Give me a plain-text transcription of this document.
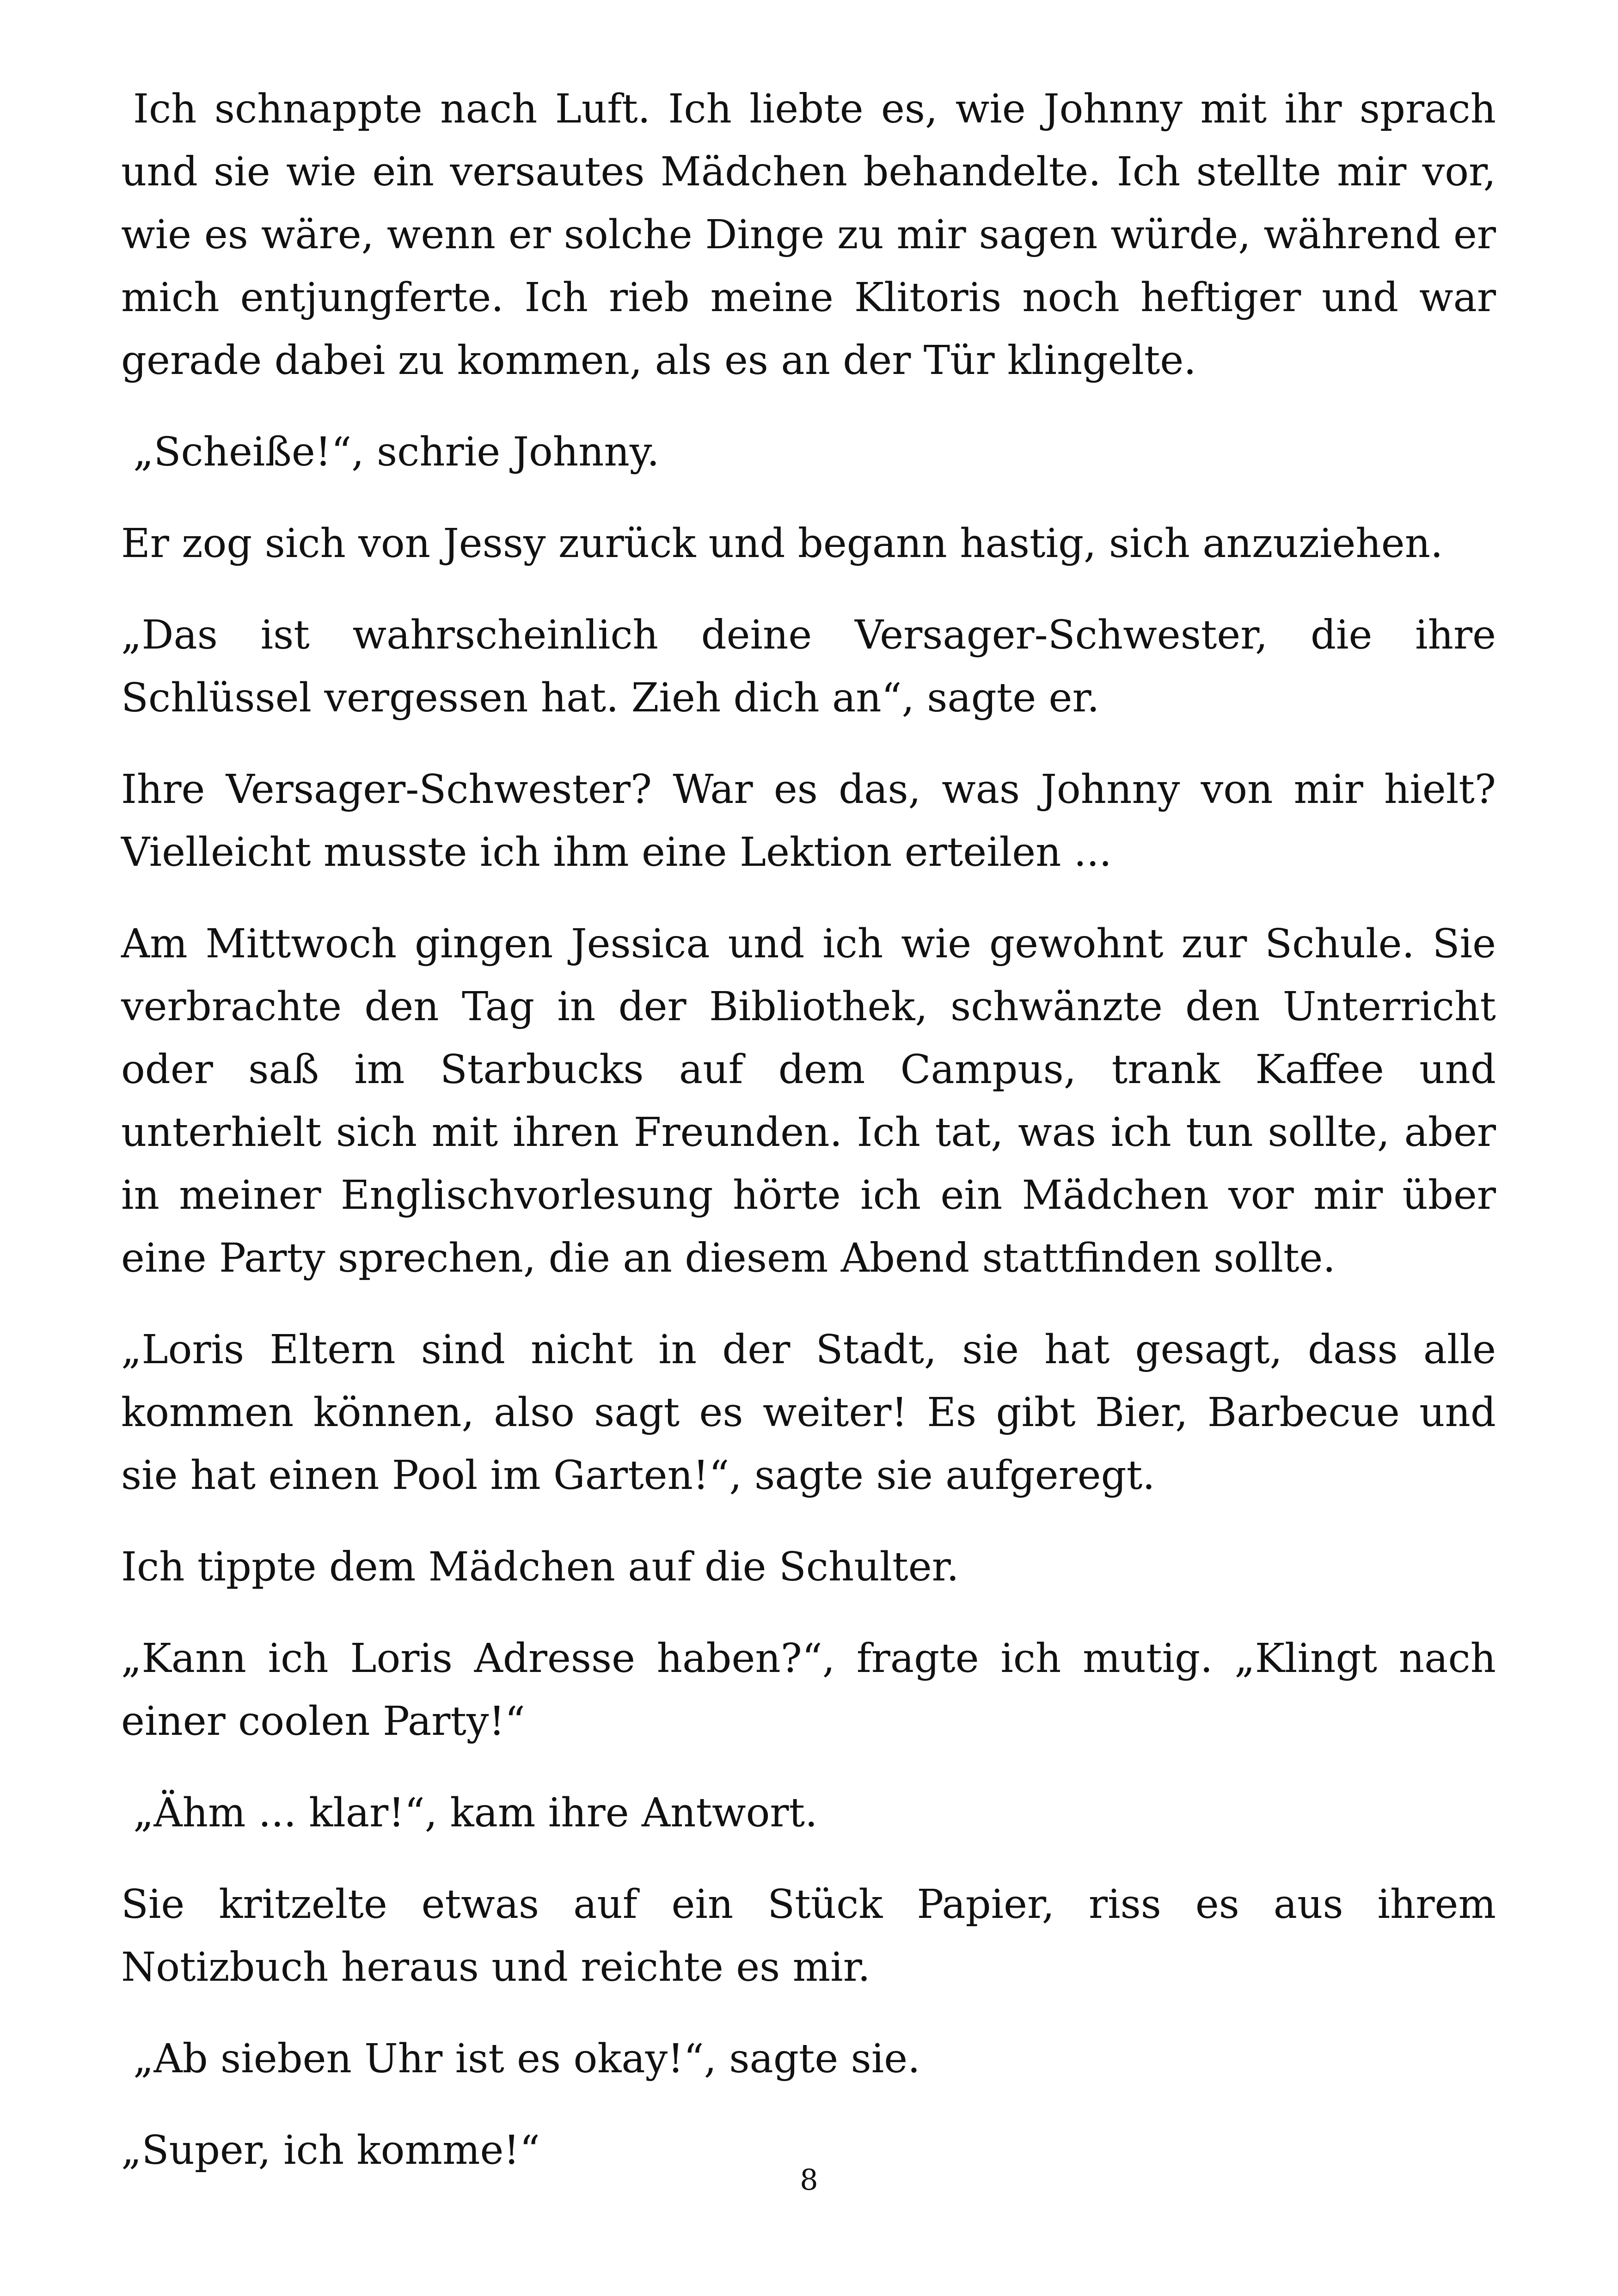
Ich schnappte nach Luft. Ich liebte es, wie Johnny mit ihr sprach und sie wie ein versautes Mädchen behandelte. Ich stellte mir vor, wie es wäre, wenn er solche Dinge zu mir sagen würde, während er mich entjungferte. Ich rieb meine Klitoris noch heftiger und war gerade dabei zu kommen, als es an der Tür klingelte.

„Scheiße!“, schrie Johnny.

Er zog sich von Jessy zurück und begann hastig, sich anzuziehen.

„Das ist wahrscheinlich deine Versager-Schwester, die ihre Schlüssel vergessen hat. Zieh dich an“, sagte er.

Ihre Versager-Schwester? War es das, was Johnny von mir hielt? Vielleicht musste ich ihm eine Lektion erteilen ...

Am Mittwoch gingen Jessica und ich wie gewohnt zur Schule. Sie verbrachte den Tag in der Bibliothek, schwänzte den Unterricht oder saß im Starbucks auf dem Campus, trank Kaffee und unterhielt sich mit ihren Freunden. Ich tat, was ich tun sollte, aber in meiner Englischvorlesung hörte ich ein Mädchen vor mir über eine Party sprechen, die an diesem Abend stattfinden sollte.

„Loris Eltern sind nicht in der Stadt, sie hat gesagt, dass alle kommen können, also sagt es weiter! Es gibt Bier, Barbecue und sie hat einen Pool im Garten!“, sagte sie aufgeregt.

Ich tippte dem Mädchen auf die Schulter.

„Kann ich Loris Adresse haben?“, fragte ich mutig. „Klingt nach einer coolen Party!“

„Ähm ... klar!“, kam ihre Antwort.

Sie kritzelte etwas auf ein Stück Papier, riss es aus ihrem Notizbuch heraus und reichte es mir.

„Ab sieben Uhr ist es okay!“, sagte sie.

„Super, ich komme!“

8
